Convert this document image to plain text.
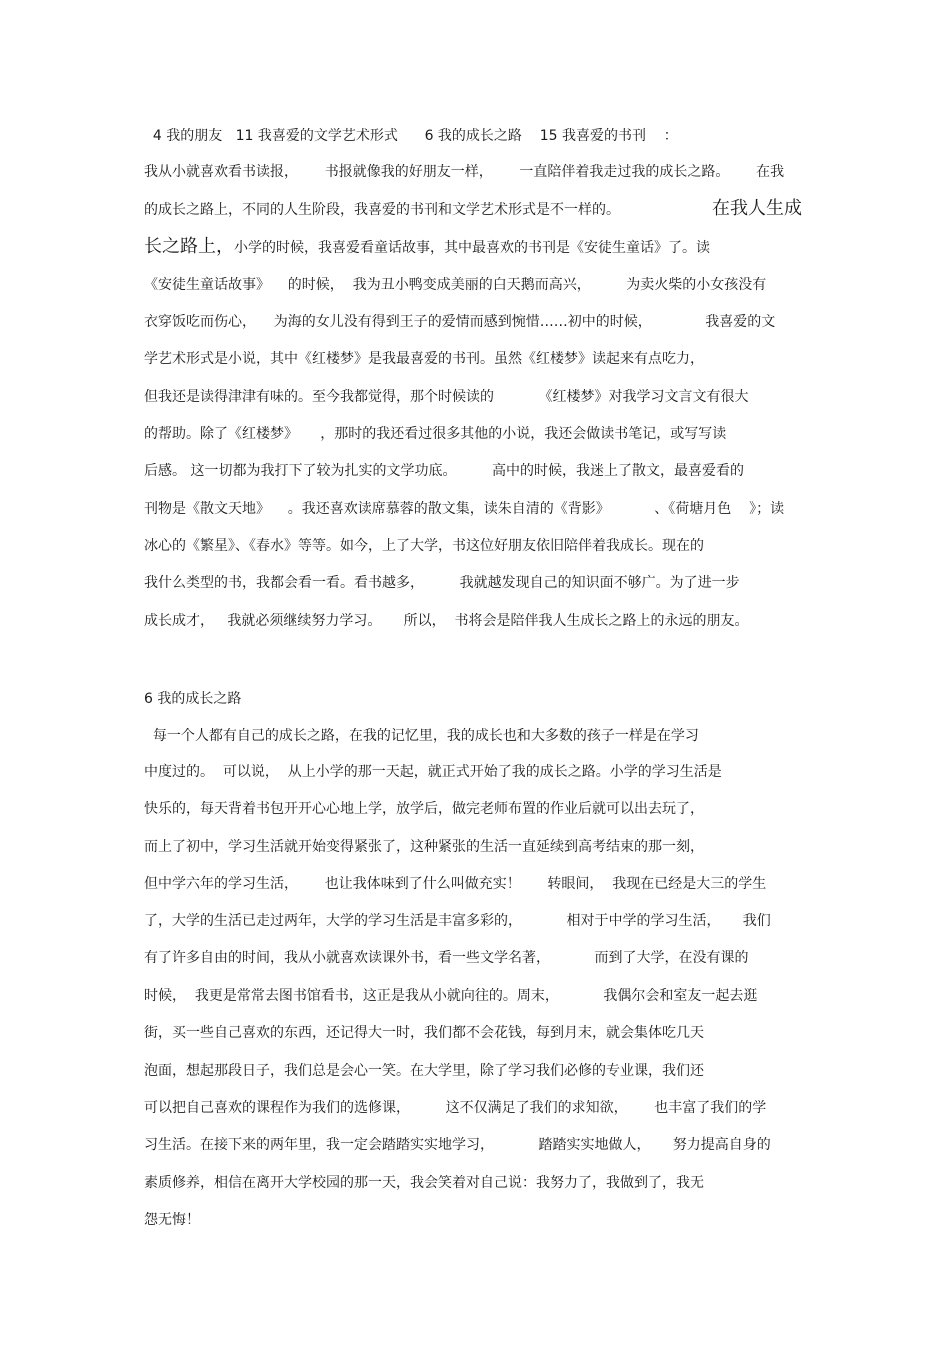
4 我的朋友   11 我喜爱的文学艺术形式      6 我的成长之路    15 我喜爱的书刊    ：
我从小就喜欢看书读报，      书报就像我的好朋友一样，      一直陪伴着我走过我的成长之路。      在我
的成长之路上，不同的人生阶段，我喜爱的书刊和文学艺术形式是不一样的。	在我人生成
长之路上， 小学的时候，我喜爱看童话故事，其中最喜欢的书刊是《安徒生童话》了。读
《安徒生童话故事》    的时候，  我为丑小鸭变成美丽的白天鹅而高兴，        为卖火柴的小女孩没有
衣穿饭吃而伤心，    为海的女儿没有得到王子的爱情而感到惋惜……初中的时候，            我喜爱的文
学艺术形式是小说，其中《红楼梦》是我最喜爱的书刊。虽然《红楼梦》读起来有点吃力，
但我还是读得津津有味的。至今我都觉得，那个时候读的          《红楼梦》对我学习文言文有很大
的帮助。除了《红楼梦》     ，那时的我还看过很多其他的小说，我还会做读书笔记，或写写读
后感。 这一切都为我打下了较为扎实的文学功底。        高中的时候，我迷上了散文，最喜爱看的
刊物是《散文天地》    。我还喜欢读席慕蓉的散文集，读朱自清的《背影》          、《荷塘月色    》；读
冰心的《繁星》、《春水》等等。如今，上了大学，书这位好朋友依旧陪伴着我成长。现在的
我什么类型的书，我都会看一看。看书越多，        我就越发现自己的知识面不够广。为了进一步
成长成才，   我就必须继续努力学习。     所以，  书将会是陪伴我人生成长之路上的永远的朋友。
6 我的成长之路
每一个人都有自己的成长之路，在我的记忆里，我的成长也和大多数的孩子一样是在学习
中度过的。  可以说，  从上小学的那一天起，就正式开始了我的成长之路。小学的学习生活是
快乐的，每天背着书包开开心心地上学，放学后，做完老师布置的作业后就可以出去玩了，
而上了初中，学习生活就开始变得紧张了，这种紧张的生活一直延续到高考结束的那一刻，
但中学六年的学习生活，      也让我体味到了什么叫做充实！      转眼间，  我现在已经是大三的学生
了，大学的生活已走过两年，大学的学习生活是丰富多彩的，          相对于中学的学习生活，     我们
有了许多自由的时间，我从小就喜欢读课外书，看一些文学名著，          而到了大学，在没有课的
时候，  我更是常常去图书馆看书，这正是我从小就向往的。周末，          我偶尔会和室友一起去逛
街，买一些自己喜欢的东西，还记得大一时，我们都不会花钱，每到月末，就会集体吃几天
泡面，想起那段日子，我们总是会心一笑。在大学里，除了学习我们必修的专业课，我们还
可以把自己喜欢的课程作为我们的选修课，        这不仅满足了我们的求知欲，      也丰富了我们的学
习生活。在接下来的两年里，我一定会踏踏实实地学习，          踏踏实实地做人，     努力提高自身的
素质修养，相信在离开大学校园的那一天，我会笑着对自己说：我努力了，我做到了，我无
怨无悔！
